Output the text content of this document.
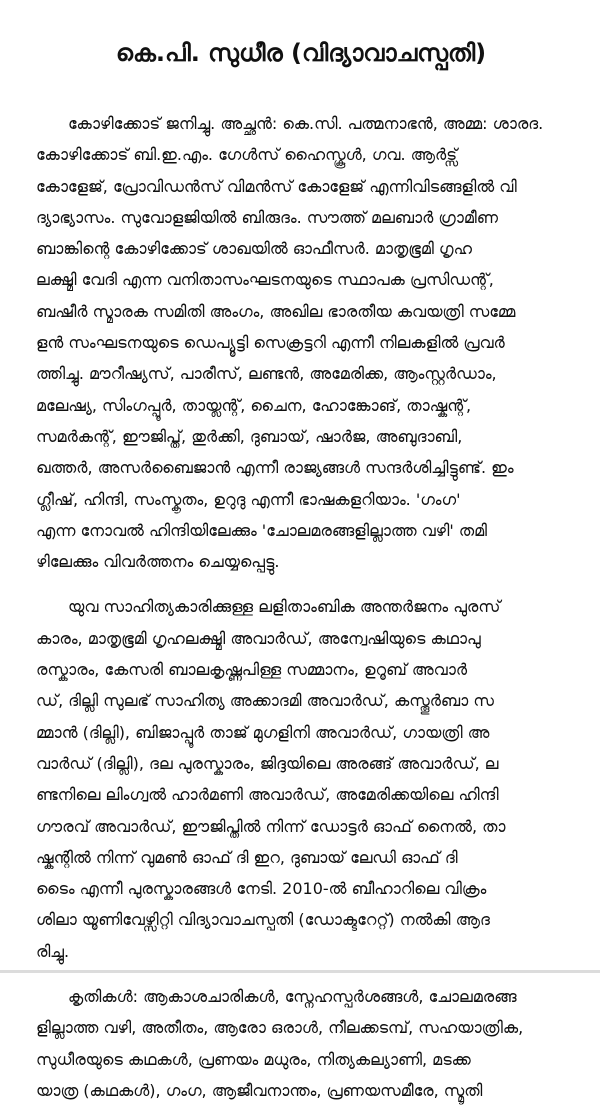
കെ.പി. സുധീര (വിദ്യാവാചസ്പതി)

കോഴിക്കോട് ജനിച്ചു. അച്ഛൻ: കെ.സി. പത്മനാഭൻ, അമ്മ: ശാരദ.
കോഴിക്കോട് ബി.ഇ.എം. ഗേൾസ് ഹൈസ്കൂൾ, ഗവ. ആർട്സ്
കോളേജ്, പ്രോവിഡൻസ് വിമൻസ് കോളേജ് എന്നിവിടങ്ങളിൽ വി
ദ്യാഭ്യാസം. സുവോളജിയിൽ ബിരുദം. സൗത്ത് മലബാർ ഗ്രാമീണ
ബാങ്കിന്റെ കോഴിക്കോട് ശാഖയിൽ ഓഫീസർ. മാതൃഭൂമി ഗൃഹ
ലക്ഷ്മി വേദി എന്ന വനിതാസംഘടനയുടെ സ്ഥാപക പ്രസിഡന്റ്,
ബഷീർ സ്മാരക സമിതി അംഗം, അഖില ഭാരതീയ കവയത്രി സമ്മേ
ളൻ സംഘടനയുടെ ഡെപ്യൂട്ടി സെക്രട്ടറി എന്നീ നിലകളിൽ പ്രവർ
ത്തിച്ചു. മൗറീഷ്യസ്, പാരീസ്, ലണ്ടൻ, അമേരിക്ക, ആംസ്റ്റർഡാം,
മലേഷ്യ, സിംഗപ്പൂർ, തായ്ലന്റ്, ചൈന, ഹോങ്കോങ്, താഷ്കന്റ്,
സമർകന്റ്, ഈജിപ്ത്, തുർക്കി, ദുബായ്, ഷാർജ, അബുദാബി,
ഖത്തർ, അസർബൈജാൻ എന്നീ രാജ്യങ്ങൾ സന്ദർശിച്ചിട്ടുണ്ട്. ഇം
ഗ്ലീഷ്, ഹിന്ദി, സംസ്കൃതം, ഉറുദു എന്നീ ഭാഷകളറിയാം. 'ഗംഗ'
എന്ന നോവൽ ഹിന്ദിയിലേക്കും 'ചോലമരങ്ങളില്ലാത്ത വഴി' തമി
ഴിലേക്കും വിവർത്തനം ചെയ്യപ്പെട്ടു.

യുവ സാഹിത്യകാരിക്കുള്ള ലളിതാംബിക അന്തർജനം പുരസ്
കാരം, മാതൃഭൂമി ഗൃഹലക്ഷ്മി അവാർഡ്, അന്വേഷിയുടെ കഥാപു
രസ്കാരം, കേസരി ബാലകൃഷ്ണപിള്ള സമ്മാനം, ഉറൂബ് അവാർ
ഡ്, ദില്ലി സുലഭ് സാഹിത്യ അക്കാദമി അവാർഡ്, കസ്തൂർബാ സ
മ്മാൻ (ദില്ലി), ബിജാപ്പൂർ താജ് മുഗളിനി അവാർഡ്, ഗായത്രി അ
വാർഡ് (ദില്ലി), ദല പുരസ്കാരം, ജിദ്ദയിലെ അരങ്ങ് അവാർഡ്, ല
ണ്ടനിലെ ലിംഗ്വൽ ഹാർമണി അവാർഡ്, അമേരിക്കയിലെ ഹിന്ദി
ഗൗരവ് അവാർഡ്, ഈജിപ്തിൽ നിന്ന് ഡോട്ടർ ഓഫ് നൈൽ, താ
ഷ്കന്റിൽ നിന്ന് വുമൺ ഓഫ് ദി ഇറ, ദുബായ് ലേഡി ഓഫ് ദി
ടൈം എന്നീ പുരസ്കാരങ്ങൾ നേടി. 2010-ൽ ബീഹാറിലെ വിക്രം
ശിലാ യൂണിവേഴ്സിറ്റി വിദ്യാവാചസ്പതി (ഡോക്ടറേറ്റ്) നൽകി ആദ
രിച്ചു.

കൃതികൾ: ആകാശചാരികൾ, സ്നേഹസ്പർശങ്ങൾ, ചോലമരങ്ങ
ളില്ലാത്ത വഴി, അതീതം, ആരോ ഒരാൾ, നീലക്കടമ്പ്, സഹയാത്രിക,
സുധീരയുടെ കഥകൾ, പ്രണയം മധുരം, നിത്യകല്യാണി, മടക്ക
യാത്ര (കഥകൾ), ഗംഗ, ആജീവനാന്തം, പ്രണയസമീരേ, സ്മൃതി
